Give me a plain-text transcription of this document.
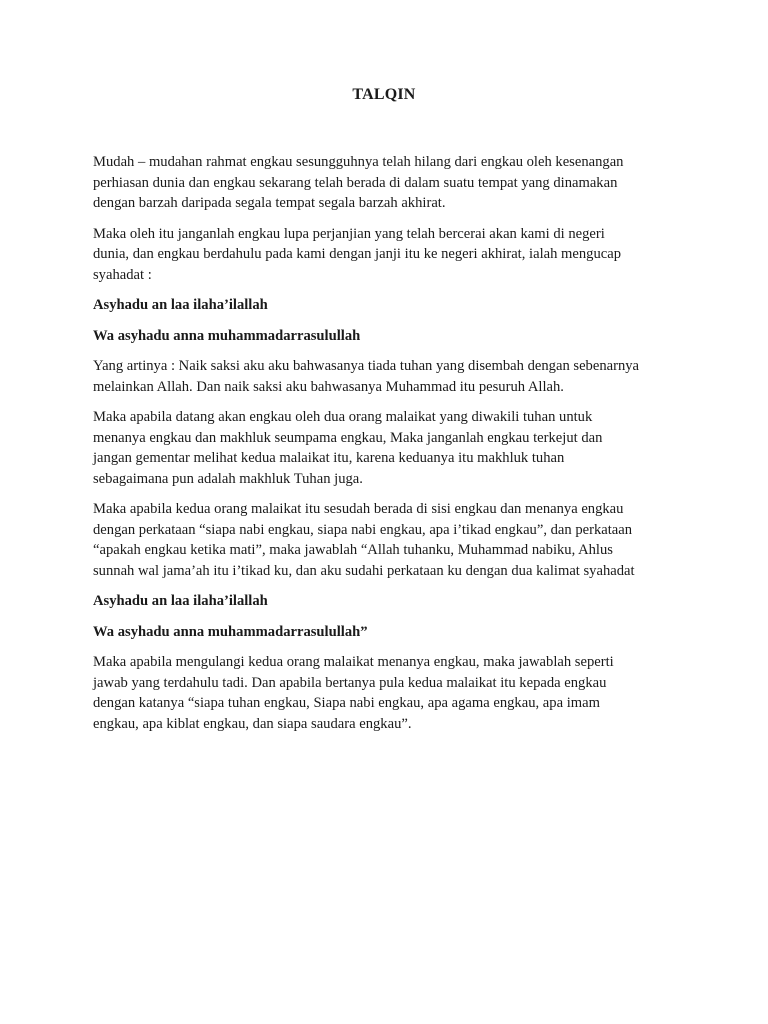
TALQIN

Mudah – mudahan rahmat engkau sesungguhnya telah hilang dari engkau oleh kesenangan
perhiasan dunia dan engkau sekarang telah berada di dalam suatu tempat yang dinamakan
dengan barzah daripada segala tempat segala barzah akhirat.

Maka oleh itu janganlah engkau lupa perjanjian yang telah bercerai akan kami di negeri
dunia, dan engkau berdahulu pada kami dengan janji itu ke negeri akhirat, ialah mengucap
syahadat :

Asyhadu an laa ilaha’ilallah

Wa asyhadu anna muhammadarrasulullah

Yang artinya : Naik saksi aku aku bahwasanya tiada tuhan yang disembah dengan sebenarnya
melainkan Allah. Dan naik saksi aku bahwasanya Muhammad itu pesuruh Allah.

Maka apabila datang akan engkau oleh dua orang malaikat yang diwakili tuhan untuk
menanya engkau dan makhluk seumpama engkau, Maka janganlah engkau terkejut dan
jangan gementar melihat kedua malaikat itu, karena keduanya itu makhluk tuhan
sebagaimana pun adalah makhluk Tuhan juga.

Maka apabila kedua orang malaikat itu sesudah berada di sisi engkau dan menanya engkau
dengan perkataan “siapa nabi engkau, siapa nabi engkau, apa i’tikad engkau”, dan perkataan
“apakah engkau ketika mati”, maka jawablah “Allah tuhanku, Muhammad nabiku, Ahlus
sunnah wal jama’ah itu i’tikad ku, dan aku sudahi perkataan ku dengan dua kalimat syahadat

Asyhadu an laa ilaha’ilallah

Wa asyhadu anna muhammadarrasulullah”

Maka apabila mengulangi kedua orang malaikat menanya engkau, maka jawablah seperti
jawab yang terdahulu tadi. Dan apabila bertanya pula kedua malaikat itu kepada engkau
dengan katanya “siapa tuhan engkau, Siapa nabi engkau, apa agama engkau, apa imam
engkau, apa kiblat engkau, dan siapa saudara engkau”.
